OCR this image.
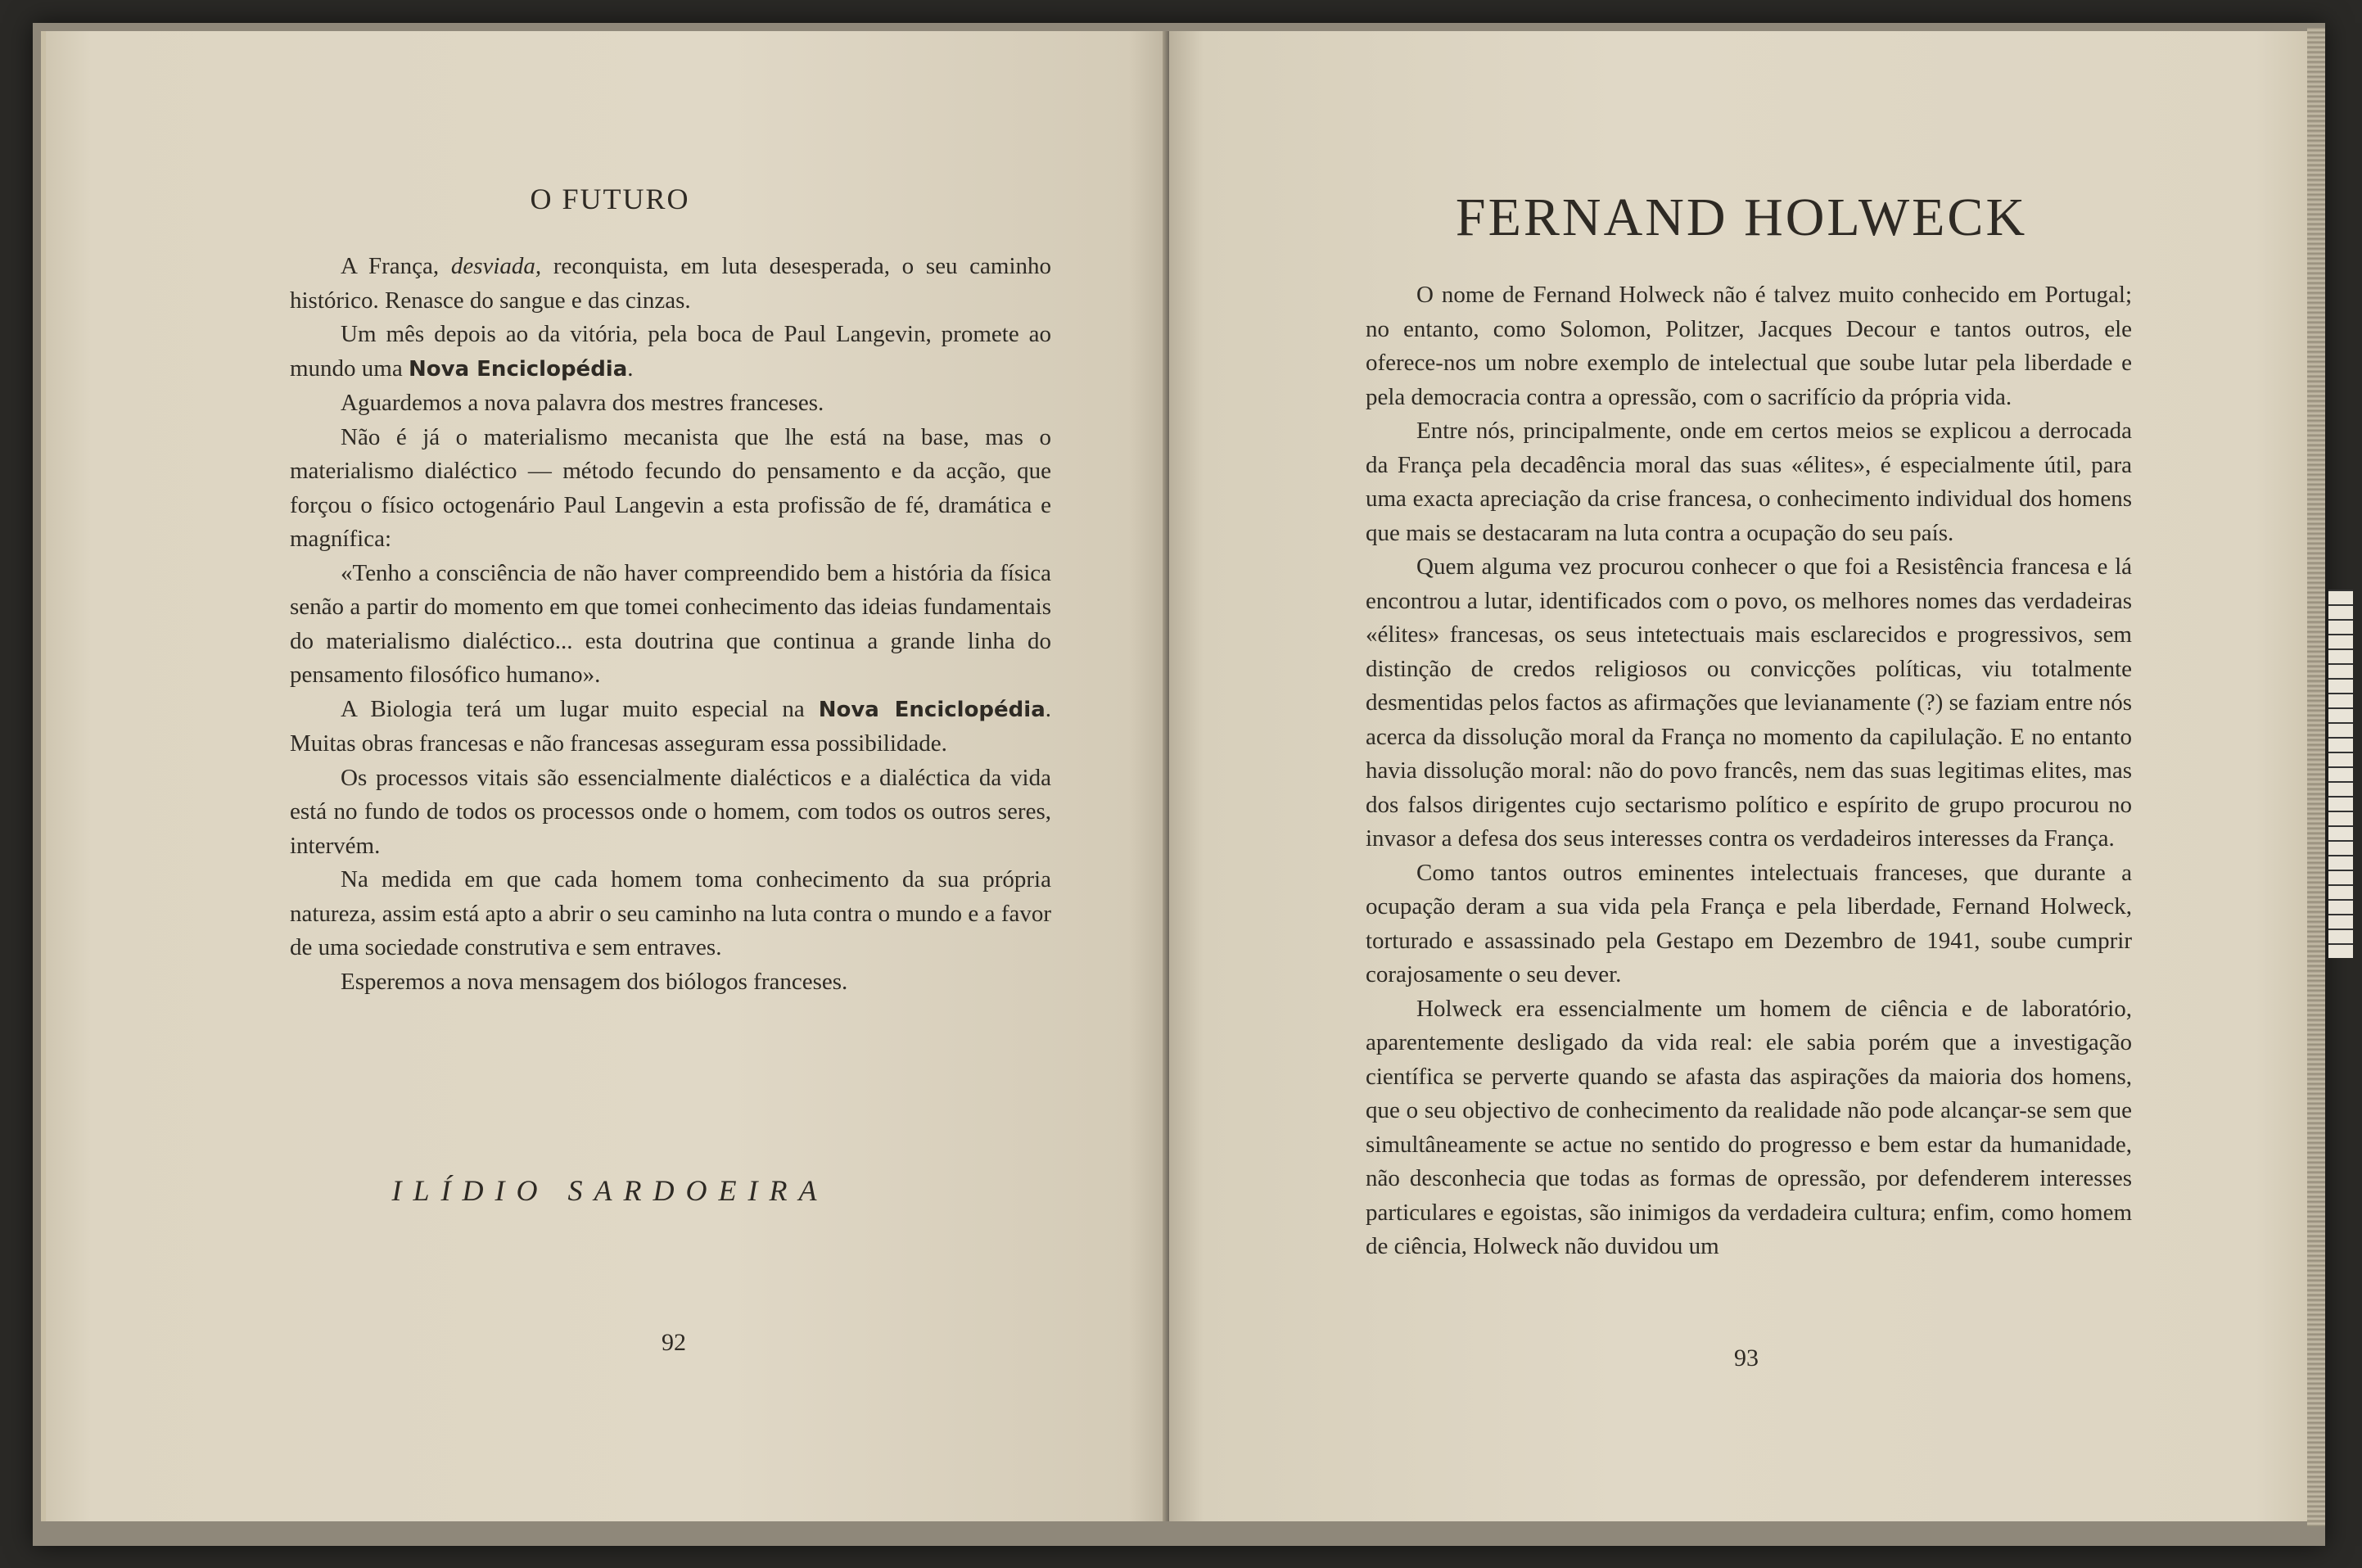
O FUTURO

A França, desviada, reconquista, em luta desesperada, o seu caminho histórico. Renasce do sangue e das cinzas.

Um mês depois ao da vitória, pela boca de Paul Langevin, promete ao mundo uma Nova Enciclopédia.

Aguardemos a nova palavra dos mestres franceses.

Não é já o materialismo mecanista que lhe está na base, mas o materialismo dialéctico — método fecundo do pensamento e da acção, que forçou o físico octogenário Paul Langevin a esta profissão de fé, dramática e magnífica:

«Tenho a consciência de não haver compreendido bem a história da física senão a partir do momento em que tomei conhecimento das ideias fundamentais do materialismo dialéctico... esta doutrina que continua a grande linha do pensamento filosófico humano».

A Biologia terá um lugar muito especial na Nova Enciclopédia. Muitas obras francesas e não francesas asseguram essa possibilidade.

Os processos vitais são essencialmente dialécticos e a dialéctica da vida está no fundo de todos os processos onde o homem, com todos os outros seres, intervém.

Na medida em que cada homem toma conhecimento da sua própria natureza, assim está apto a abrir o seu caminho na luta contra o mundo e a favor de uma sociedade construtiva e sem entraves.

Esperemos a nova mensagem dos biólogos franceses.

ILÍDIO SARDOEIRA
92
FERNAND HOLWECK

O nome de Fernand Holweck não é talvez muito conhecido em Portugal; no entanto, como Solomon, Politzer, Jacques Decour e tantos outros, ele oferece-nos um nobre exemplo de intelectual que soube lutar pela liberdade e pela democracia contra a opressão, com o sacrifício da própria vida.

Entre nós, principalmente, onde em certos meios se explicou a derrocada da França pela decadência moral das suas «élites», é especialmente útil, para uma exacta apreciação da crise francesa, o conhecimento individual dos homens que mais se destacaram na luta contra a ocupação do seu país.

Quem alguma vez procurou conhecer o que foi a Resistência francesa e lá encontrou a lutar, identificados com o povo, os melhores nomes das verdadeiras «élites» francesas, os seus intetectuais mais esclarecidos e progressivos, sem distinção de credos religiosos ou convicções políticas, viu totalmente desmentidas pelos factos as afirmações que levianamente (?) se faziam entre nós acerca da dissolução moral da França no momento da capilulação. E no entanto havia dissolução moral: não do povo francês, nem das suas legitimas elites, mas dos falsos dirigentes cujo sectarismo político e espírito de grupo procurou no invasor a defesa dos seus interesses contra os verdadeiros interesses da França.

Como tantos outros eminentes intelectuais franceses, que durante a ocupação deram a sua vida pela França e pela liberdade, Fernand Holweck, torturado e assassinado pela Gestapo em Dezembro de 1941, soube cumprir corajosamente o seu dever.

Holweck era essencialmente um homem de ciência e de laboratório, aparentemente desligado da vida real: ele sabia porém que a investigação científica se perverte quando se afasta das aspirações da maioria dos homens, que o seu objectivo de conhecimento da realidade não pode alcançar-se sem que simultâneamente se actue no sentido do progresso e bem estar da humanidade, não desconhecia que todas as formas de opressão, por defenderem interesses particulares e egoistas, são inimigos da verdadeira cultura; enfim, como homem de ciência, Holweck não duvidou um

93
